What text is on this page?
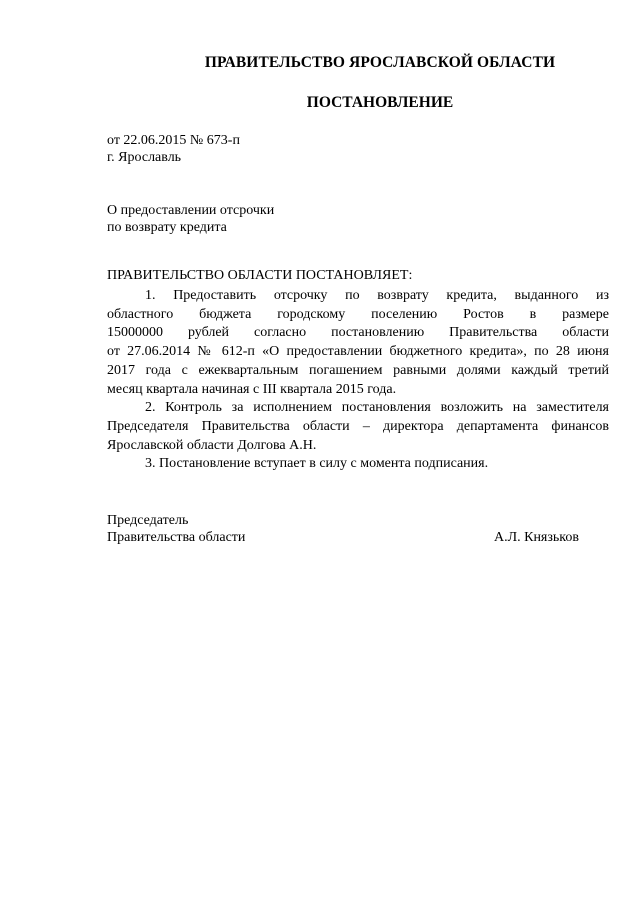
ПРАВИТЕЛЬСТВО ЯРОСЛАВСКОЙ ОБЛАСТИ
ПОСТАНОВЛЕНИЕ
от 22.06.2015 № 673-п
г. Ярославль
О предоставлении отсрочки
по возврату кредита
ПРАВИТЕЛЬСТВО ОБЛАСТИ ПОСТАНОВЛЯЕТ:
1. Предоставить отсрочку по возврату кредита, выданного из
областного бюджета городскому поселению Ростов в размере
15000000 рублей согласно постановлению Правительства области
от 27.06.2014 № 612-п «О предоставлении бюджетного кредита», по 28 июня
2017 года с ежеквартальным погашением равными долями каждый третий
месяц квартала начиная с III квартала 2015 года.
2. Контроль за исполнением постановления возложить на заместителя
Председателя Правительства области – директора департамента финансов
Ярославской области Долгова А.Н.
3. Постановление вступает в силу с момента подписания.
Председатель
Правительства области	А.Л. Князьков
